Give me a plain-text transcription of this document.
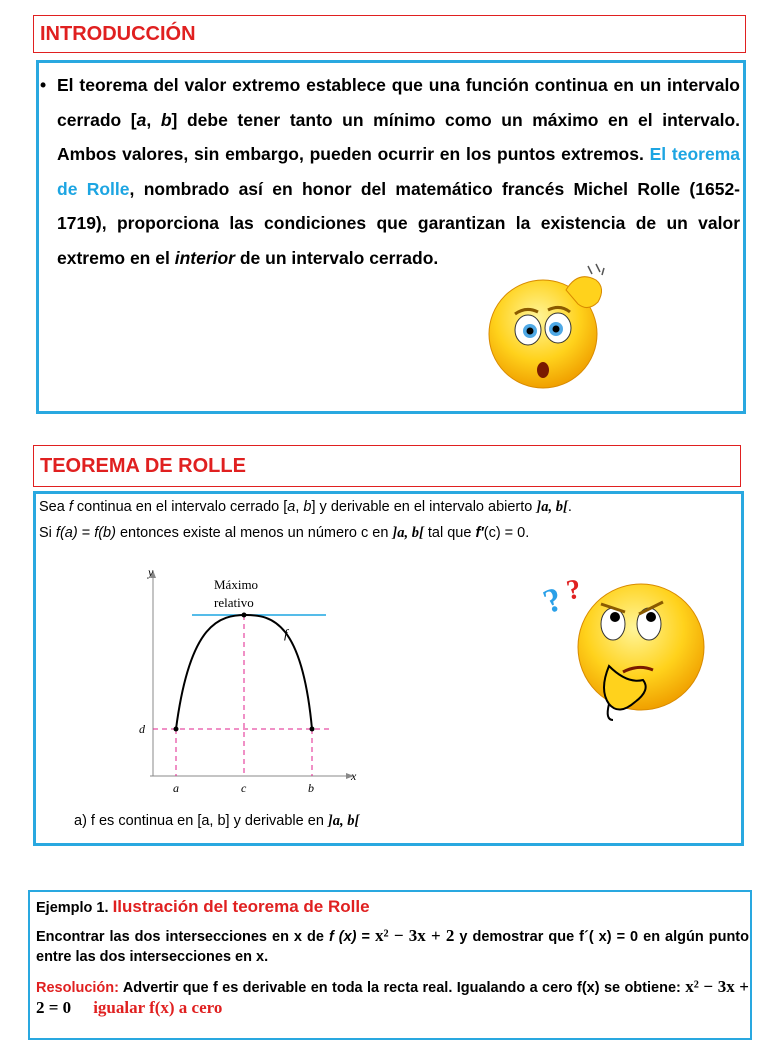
INTRODUCCIÓN
• El teorema del valor extremo establece que una función continua en un intervalo cerrado [a, b] debe tener tanto un mínimo como un máximo en el intervalo. Ambos valores, sin embargo, pueden ocurrir en los puntos extremos. El teorema de Rolle, nombrado así en honor del matemático francés Michel Rolle (1652-1719), proporciona las condiciones que garantizan la existencia de un valor extremo en el interior de un intervalo cerrado.

TEOREMA DE ROLLE

Sea f continua en el intervalo cerrado [a, b] y derivable en el intervalo abierto ]a, b[.

Si f(a) = f(b) entonces existe al menos un número c en ]a, b[ tal que f′(c) = 0.

y
x
Máximo
relativo
f
d
a	c	b
?
?
a) f es continua en [a, b] y derivable en ]a, b[

Ejemplo 1. Ilustración del teorema de Rolle

Encontrar las dos intersecciones en x de f (x) = x² − 3x + 2 y demostrar que f´( x) = 0 en algún punto entre las dos intersecciones en x.

Resolución: Advertir que f es derivable en toda la recta real. Igualando a cero f(x) se obtiene: x² − 3x + 2 = 0 igualar f(x) a cero
